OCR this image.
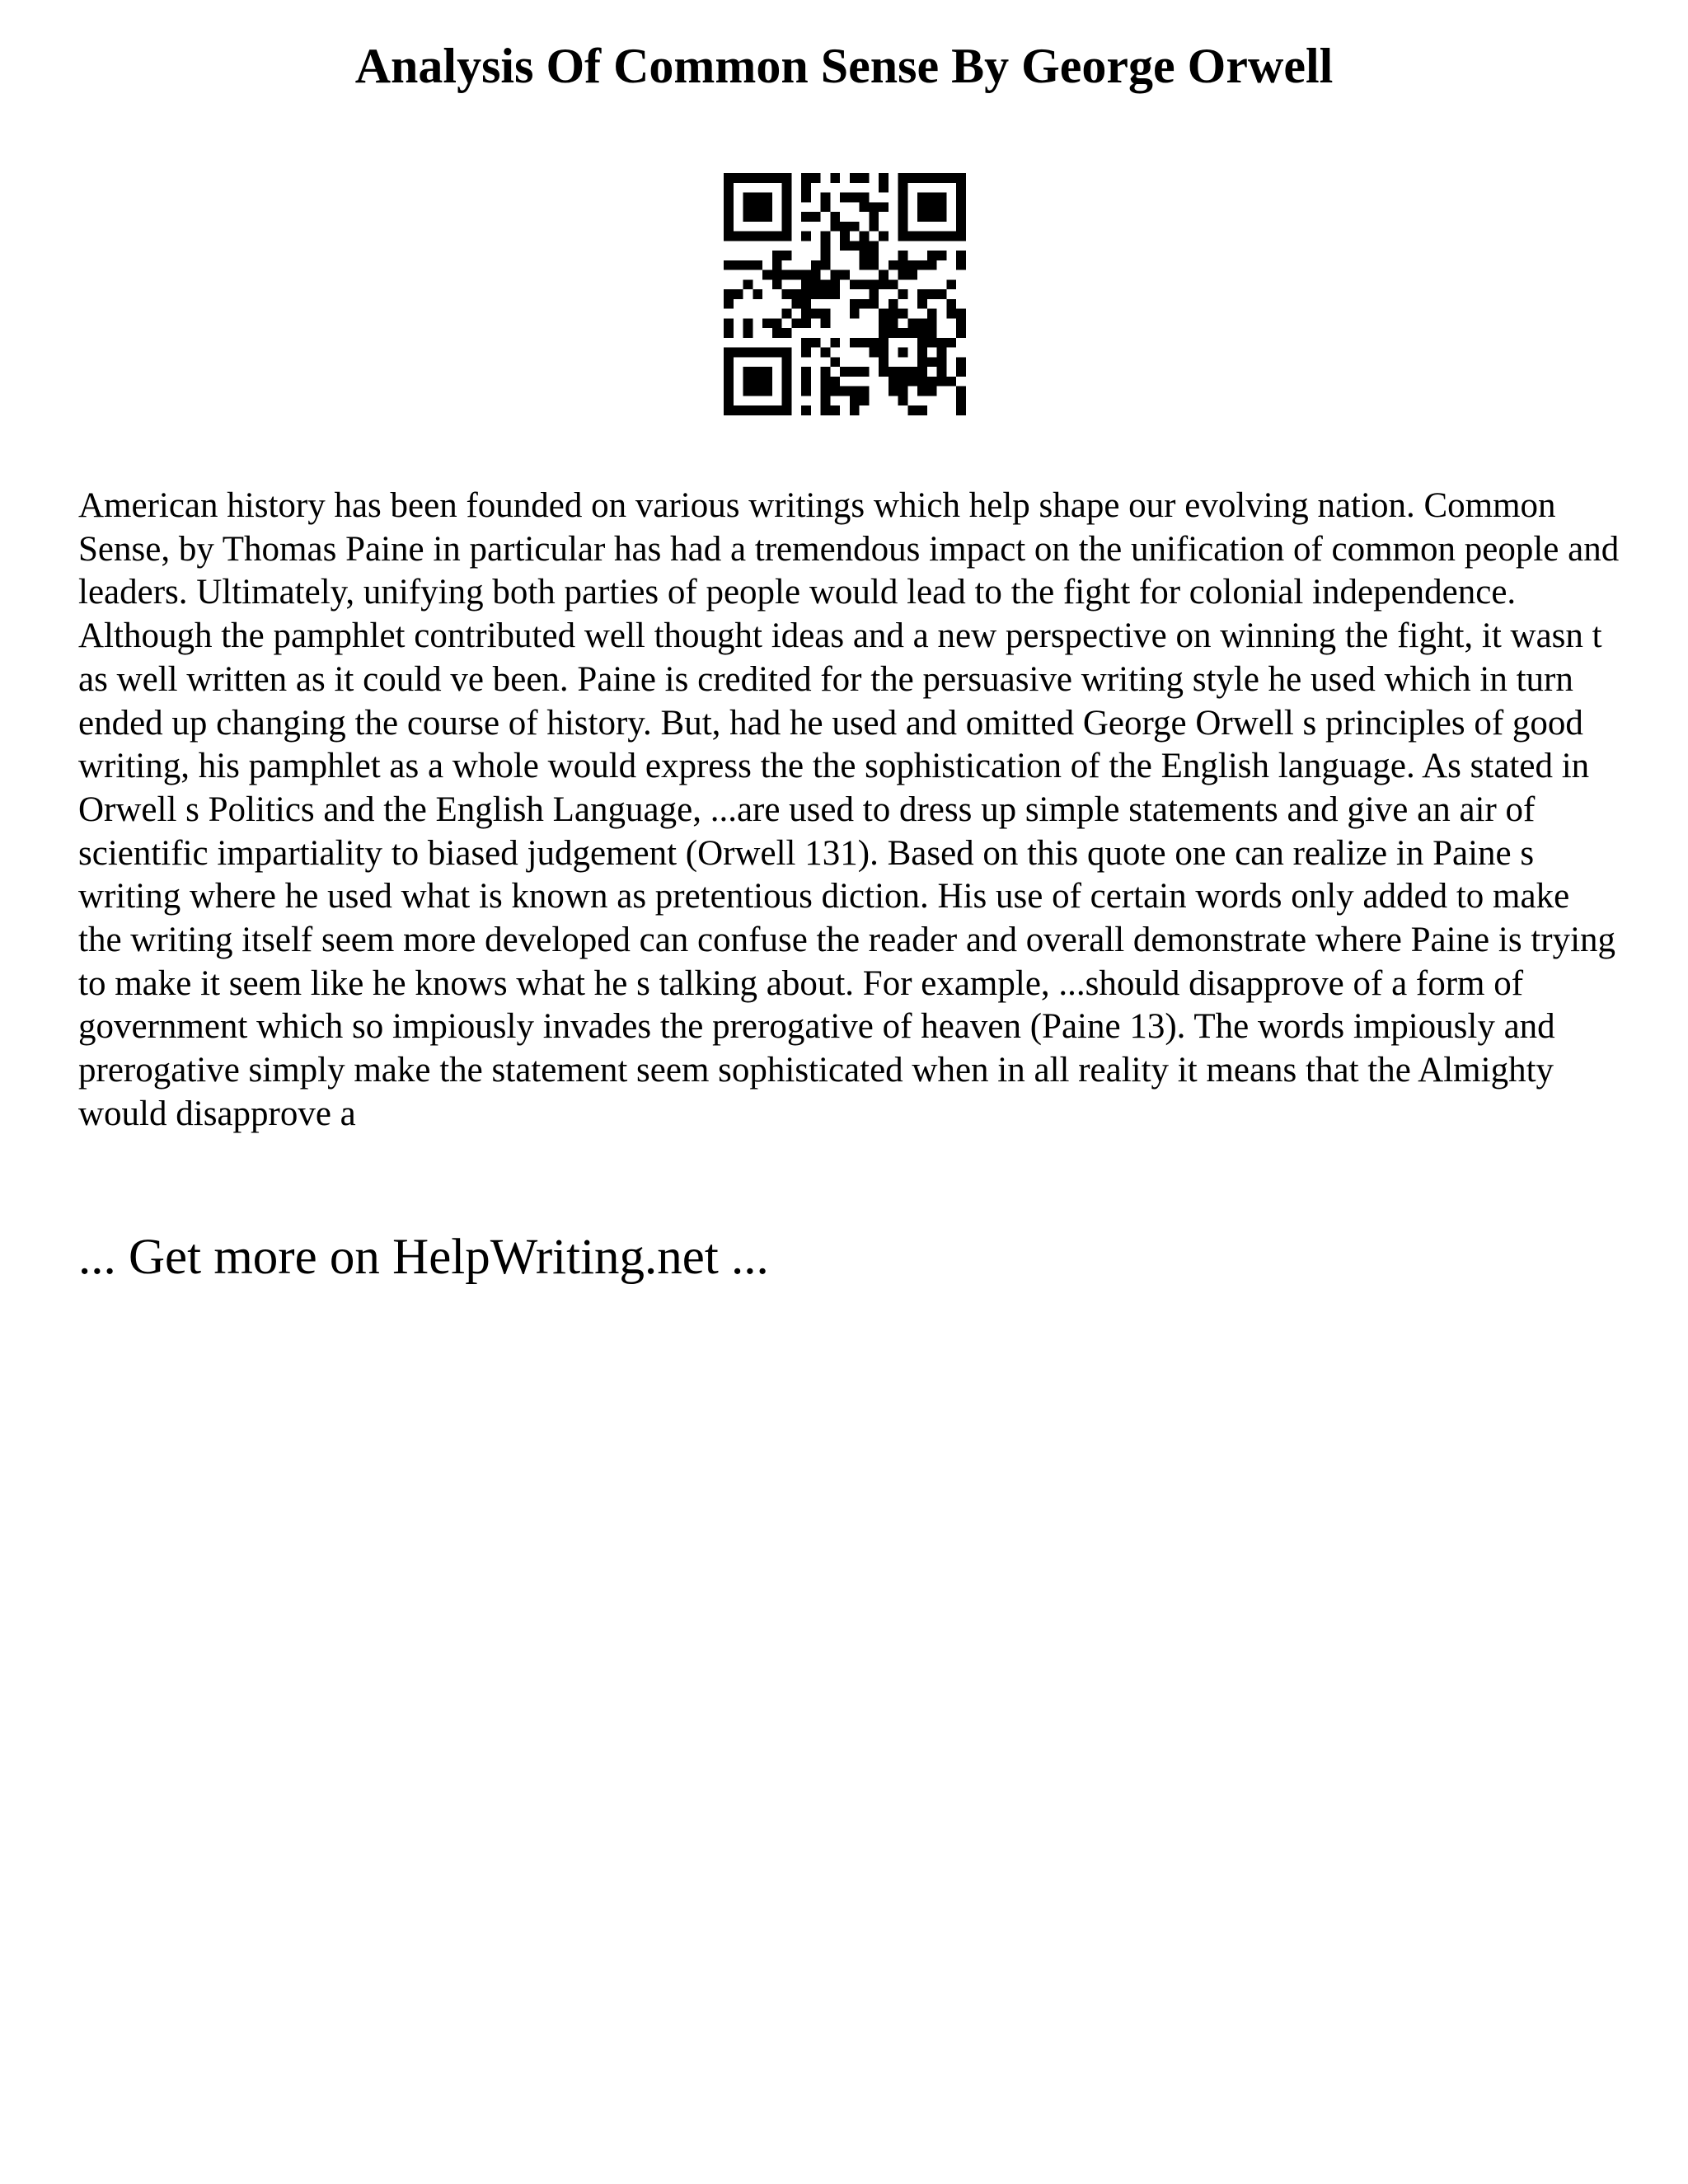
Analysis Of Common Sense By George Orwell

American history has been founded on various writings which help shape our evolving nation. Common Sense, by Thomas Paine in particular has had a tremendous impact on the unification of common people and leaders. Ultimately, unifying both parties of people would lead to the fight for colonial independence. Although the pamphlet contributed well thought ideas and a new perspective on winning the fight, it wasn t as well written as it could ve been. Paine is credited for the persuasive writing style he used which in turn ended up changing the course of history. But, had he used and omitted George Orwell s principles of good writing, his pamphlet as a whole would express the the sophistication of the English language. As stated in Orwell s Politics and the English Language, ...are used to dress up simple statements and give an air of scientific impartiality to biased judgement (Orwell 131). Based on this quote one can realize in Paine s writing where he used what is known as pretentious diction. His use of certain words only added to make the writing itself seem more developed can confuse the reader and overall demonstrate where Paine is trying to make it seem like he knows what he s talking about. For example, ...should disapprove of a form of government which so impiously invades the prerogative of heaven (Paine 13). The words impiously and prerogative simply make the statement seem sophisticated when in all reality it means that the Almighty would disapprove a

... Get more on HelpWriting.net ...
